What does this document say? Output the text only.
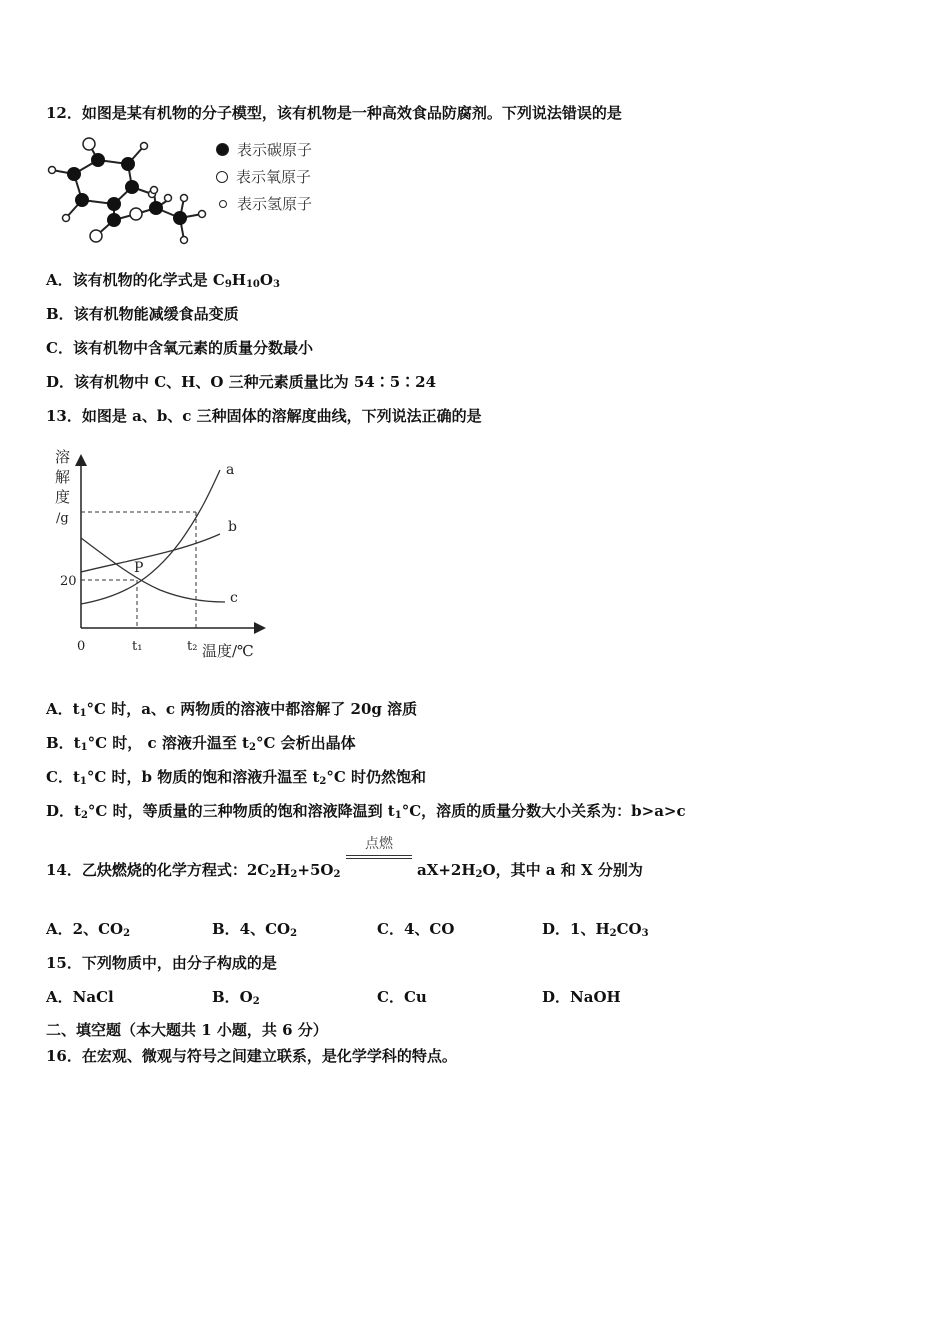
12．如图是某有机物的分子模型，该有机物是一种高效食品防腐剂。下列说法错误的是
表示碳原子
表示氧原子
表示氢原子
A．该有机物的化学式是 $C_9H_{10}O_3$
B．该有机物能减缓食品变质
C．该有机物中含氧元素的质量分数最小
D．该有机物中 C、H、O 三种元素质量比为 54∶5∶24
13．如图是 a、b、c 三种固体的溶解度曲线，下列说法正确的是
溶
解
度
/g
20
0	t₁	t₂ 温度/℃
P
a
b
c
A．$t_1^\circ C$ 时，a、c 两物质的溶液中都溶解了 20g 溶质
B．$t_1^\circ C$ 时， c 溶液升温至 $t_2^\circ C$ 会析出晶体
C．$t_1^\circ C$ 时，b 物质的饱和溶液升温至 $t_2^\circ C$ 时仍然饱和
D．$t_2^\circ C$ 时，等质量的三种物质的饱和溶液降温到 $t_1^\circ C$，溶质的质量分数大小关系为：b>a>c
14．乙炔燃烧的化学方程式：$2C_2H_2+5O_2$
点燃
$aX+2H_2O$，其中 a 和 X 分别为
A．2、$CO_2$	B．4、$CO_2$	C．4、CO	D．1、$H_2CO_3$
15．下列物质中，由分子构成的是
A．NaCl	B．$O_2$	C．Cu	D．NaOH
二、填空题（本大题共 1 小题，共 6 分）
16．在宏观、微观与符号之间建立联系，是化学学科的特点。
